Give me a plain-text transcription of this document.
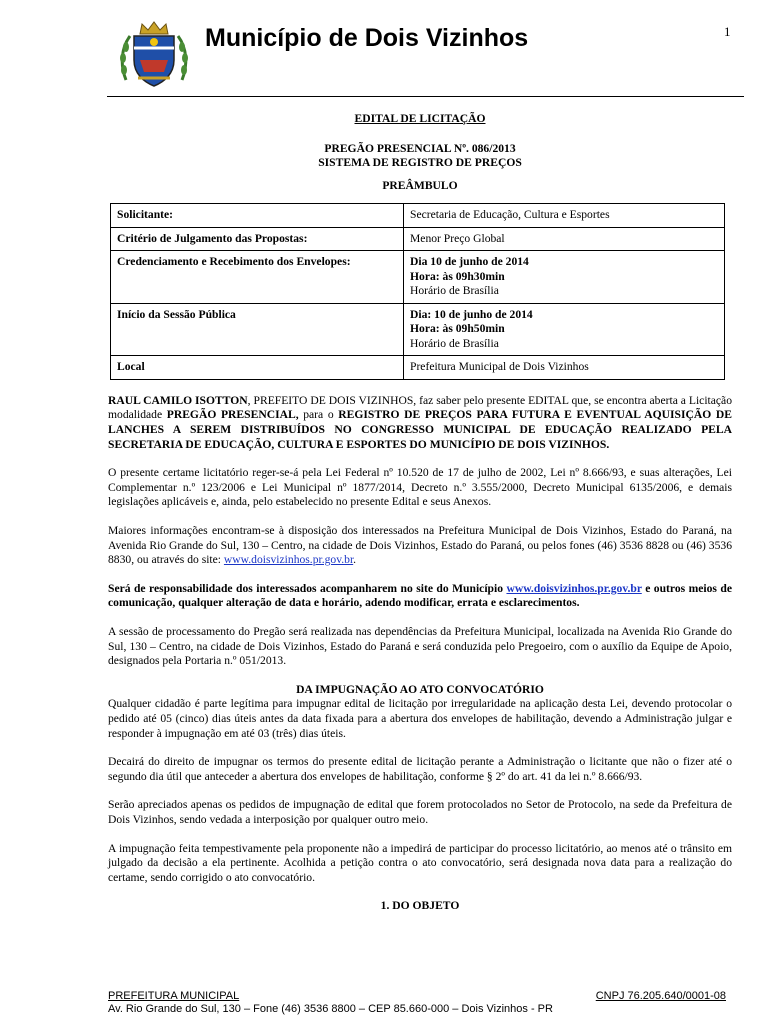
Município de Dois Vizinhos	1
EDITAL DE LICITAÇÃO
PREGÃO PRESENCIAL Nº. 086/2013
SISTEMA DE REGISTRO DE PREÇOS
PREÂMBULO
Solicitante:	Secretaria de Educação, Cultura e Esportes
Critério de Julgamento das Propostas:	Menor Preço Global
Credenciamento e Recebimento dos Envelopes:	Dia 10 de junho de 2014
Hora: às 09h30min
Horário de Brasília

Início da Sessão Pública	Dia: 10 de junho de 2014
Hora: às 09h50min
Horário de Brasília

Local	Prefeitura Municipal de Dois Vizinhos

RAUL CAMILO ISOTTON, PREFEITO DE DOIS VIZINHOS, faz saber pelo presente EDITAL que, se encontra aberta a Licitação modalidade PREGÃO PRESENCIAL, para o REGISTRO DE PREÇOS PARA FUTURA E EVENTUAL AQUISIÇÃO DE LANCHES A SEREM DISTRIBUÍDOS NO CONGRESSO MUNICIPAL DE EDUCAÇÃO REALIZADO PELA SECRETARIA DE EDUCAÇÃO, CULTURA E ESPORTES DO MUNICÍPIO DE DOIS VIZINHOS.

O presente certame licitatório reger-se-á pela Lei Federal nº 10.520 de 17 de julho de 2002, Lei nº 8.666/93, e suas alterações, Lei Complementar n.º 123/2006 e Lei Municipal nº 1877/2014, Decreto n.º 3.555/2000, Decreto Municipal 6135/2006, e demais legislações aplicáveis e, ainda, pelo estabelecido no presente Edital e seus Anexos.

Maiores informações encontram-se à disposição dos interessados na Prefeitura Municipal de Dois Vizinhos, Estado do Paraná, na Avenida Rio Grande do Sul, 130 – Centro, na cidade de Dois Vizinhos, Estado do Paraná, ou pelos fones (46) 3536 8828 ou (46) 3536 8830, ou através do site: www.doisvizinhos.pr.gov.br.

Será de responsabilidade dos interessados acompanharem no site do Município www.doisvizinhos.pr.gov.br e outros meios de comunicação, qualquer alteração de data e horário, adendo modificar, errata e esclarecimentos.

A sessão de processamento do Pregão será realizada nas dependências da Prefeitura Municipal, localizada na Avenida Rio Grande do Sul, 130 – Centro, na cidade de Dois Vizinhos, Estado do Paraná e será conduzida pelo Pregoeiro, com o auxílio da Equipe de Apoio, designados pela Portaria n.º 051/2013.

DA IMPUGNAÇÃO AO ATO CONVOCATÓRIO

Qualquer cidadão é parte legítima para impugnar edital de licitação por irregularidade na aplicação desta Lei, devendo protocolar o pedido até 05 (cinco) dias úteis antes da data fixada para a abertura dos envelopes de habilitação, devendo a Administração julgar e responder à impugnação em até 03 (três) dias úteis.

Decairá do direito de impugnar os termos do presente edital de licitação perante a Administração o licitante que não o fizer até o segundo dia útil que anteceder a abertura dos envelopes de habilitação, conforme § 2º do art. 41 da lei n.º 8.666/93.

Serão apreciados apenas os pedidos de impugnação de edital que forem protocolados no Setor de Protocolo, na sede da Prefeitura de Dois Vizinhos, sendo vedada a interposição por qualquer outro meio.

A impugnação feita tempestivamente pela proponente não a impedirá de participar do processo licitatório, ao menos até o trânsito em julgado da decisão a ela pertinente. Acolhida a petição contra o ato convocatório, será designada nova data para a realização do certame, sendo corrigido o ato convocatório.

1. DO OBJETO
PREFEITURA MUNICIPAL	CNPJ 76.205.640/0001-08
Av. Rio Grande do Sul, 130 – Fone (46) 3536 8800 – CEP 85.660-000 – Dois Vizinhos - PR
